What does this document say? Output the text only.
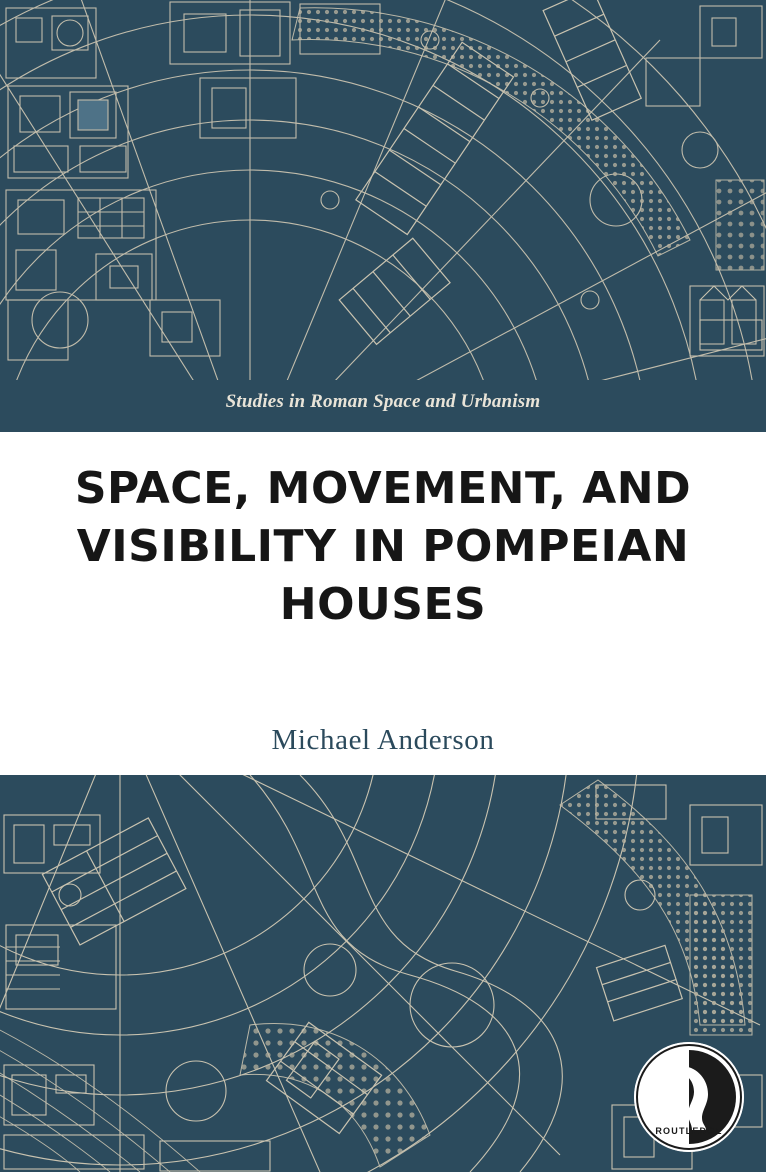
Studies in Roman Space and Urbanism
SPACE, MOVEMENT, AND
VISIBILITY IN POMPEIAN
HOUSES
Michael Anderson
ROUTLEDGE
